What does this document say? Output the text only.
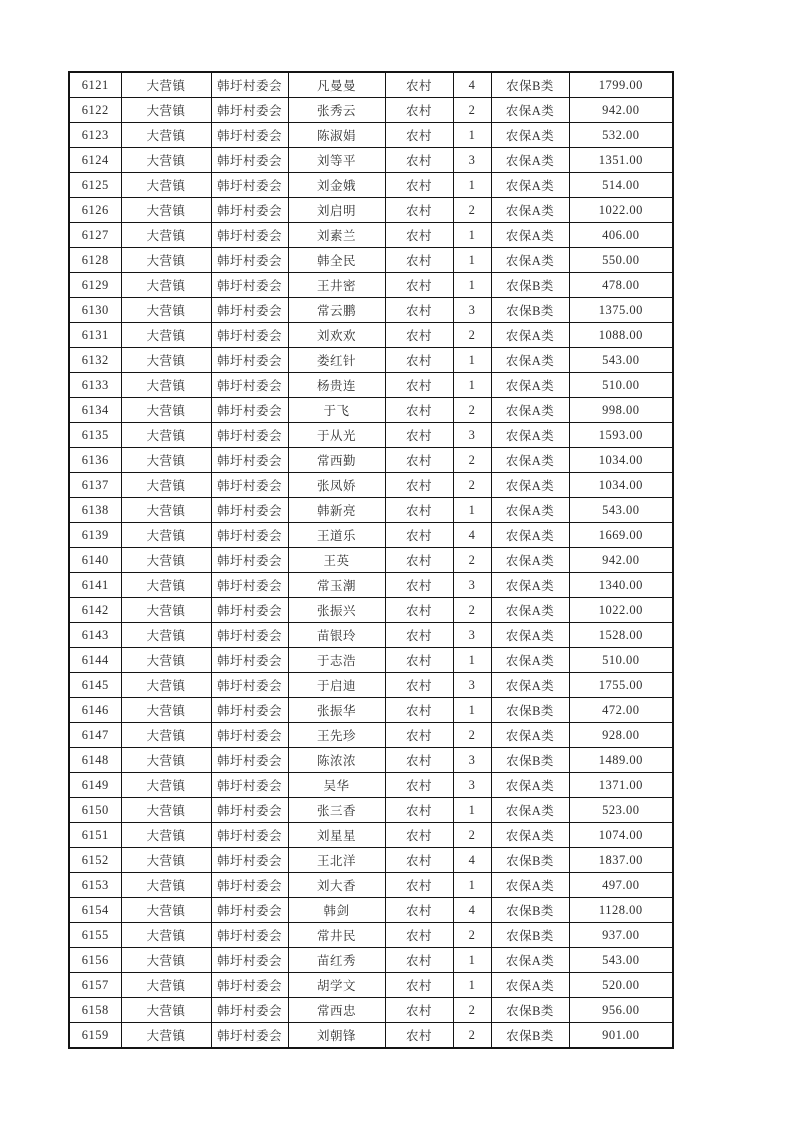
6121	大营镇	韩圩村委会	凡曼曼	农村	4	农保B类	1799.00
6122	大营镇	韩圩村委会	张秀云	农村	2	农保A类	942.00
6123	大营镇	韩圩村委会	陈淑娟	农村	1	农保A类	532.00
6124	大营镇	韩圩村委会	刘等平	农村	3	农保A类	1351.00
6125	大营镇	韩圩村委会	刘金娥	农村	1	农保A类	514.00
6126	大营镇	韩圩村委会	刘启明	农村	2	农保A类	1022.00
6127	大营镇	韩圩村委会	刘素兰	农村	1	农保A类	406.00
6128	大营镇	韩圩村委会	韩全民	农村	1	农保A类	550.00
6129	大营镇	韩圩村委会	王井密	农村	1	农保B类	478.00
6130	大营镇	韩圩村委会	常云鹏	农村	3	农保B类	1375.00
6131	大营镇	韩圩村委会	刘欢欢	农村	2	农保A类	1088.00
6132	大营镇	韩圩村委会	娄红针	农村	1	农保A类	543.00
6133	大营镇	韩圩村委会	杨贵连	农村	1	农保A类	510.00
6134	大营镇	韩圩村委会	于飞	农村	2	农保A类	998.00
6135	大营镇	韩圩村委会	于从光	农村	3	农保A类	1593.00
6136	大营镇	韩圩村委会	常西勤	农村	2	农保A类	1034.00
6137	大营镇	韩圩村委会	张凤娇	农村	2	农保A类	1034.00
6138	大营镇	韩圩村委会	韩新亮	农村	1	农保A类	543.00
6139	大营镇	韩圩村委会	王道乐	农村	4	农保A类	1669.00
6140	大营镇	韩圩村委会	王英	农村	2	农保A类	942.00
6141	大营镇	韩圩村委会	常玉潮	农村	3	农保A类	1340.00
6142	大营镇	韩圩村委会	张振兴	农村	2	农保A类	1022.00
6143	大营镇	韩圩村委会	苗银玲	农村	3	农保A类	1528.00
6144	大营镇	韩圩村委会	于志浩	农村	1	农保A类	510.00
6145	大营镇	韩圩村委会	于启迪	农村	3	农保A类	1755.00
6146	大营镇	韩圩村委会	张振华	农村	1	农保B类	472.00
6147	大营镇	韩圩村委会	王先珍	农村	2	农保A类	928.00
6148	大营镇	韩圩村委会	陈浓浓	农村	3	农保B类	1489.00
6149	大营镇	韩圩村委会	吴华	农村	3	农保A类	1371.00
6150	大营镇	韩圩村委会	张三香	农村	1	农保A类	523.00
6151	大营镇	韩圩村委会	刘星星	农村	2	农保A类	1074.00
6152	大营镇	韩圩村委会	王北洋	农村	4	农保B类	1837.00
6153	大营镇	韩圩村委会	刘大香	农村	1	农保A类	497.00
6154	大营镇	韩圩村委会	韩剑	农村	4	农保B类	1128.00
6155	大营镇	韩圩村委会	常井民	农村	2	农保B类	937.00
6156	大营镇	韩圩村委会	苗红秀	农村	1	农保A类	543.00
6157	大营镇	韩圩村委会	胡学文	农村	1	农保A类	520.00
6158	大营镇	韩圩村委会	常西忠	农村	2	农保B类	956.00
6159	大营镇	韩圩村委会	刘朝锋	农村	2	农保B类	901.00
